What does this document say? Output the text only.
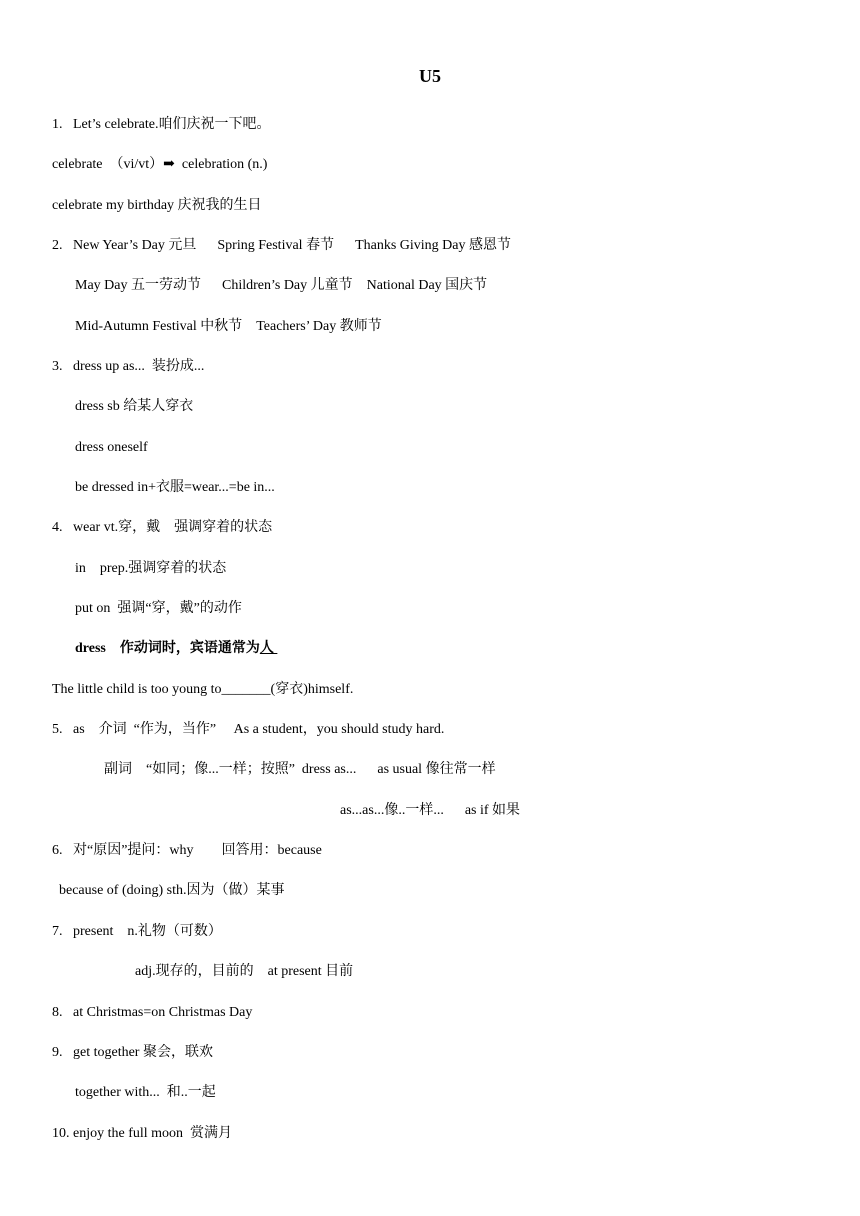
U5
1.   Let’s celebrate.咱们庆祝一下吧。
celebrate  （vi/vt）➡  celebration (n.)
celebrate my birthday 庆祝我的生日
2.   New Year’s Day 元旦      Spring Festival 春节      Thanks Giving Day 感恩节
May Day 五一劳动节      Children’s Day 儿童节    National Day 国庆节
Mid-Autumn Festival 中秋节    Teachers’ Day 教师节
3.   dress up as...  装扮成...
dress sb 给某人穿衣
dress oneself
be dressed in+衣服=wear...=be in...
4.   wear vt.穿，戴    强调穿着的状态
in    prep.强调穿着的状态
put on  强调“穿，戴”的动作
dress    作动词时，宾语通常为人
The little child is too young to_______(穿衣)himself.
5.   as    介词  “作为，当作”     As a student，you should study hard.
副词    “如同；像...一样；按照”  dress as...      as usual 像往常一样
as...as...像..一样...      as if 如果
6.   对“原因”提问：why        回答用：because
because of (doing) sth.因为（做）某事
7.   present    n.礼物（可数）
adj.现存的，目前的    at present 目前
8.   at Christmas=on Christmas Day
9.   get together 聚会，联欢
together with...  和..一起
10. enjoy the full moon  赏满月
